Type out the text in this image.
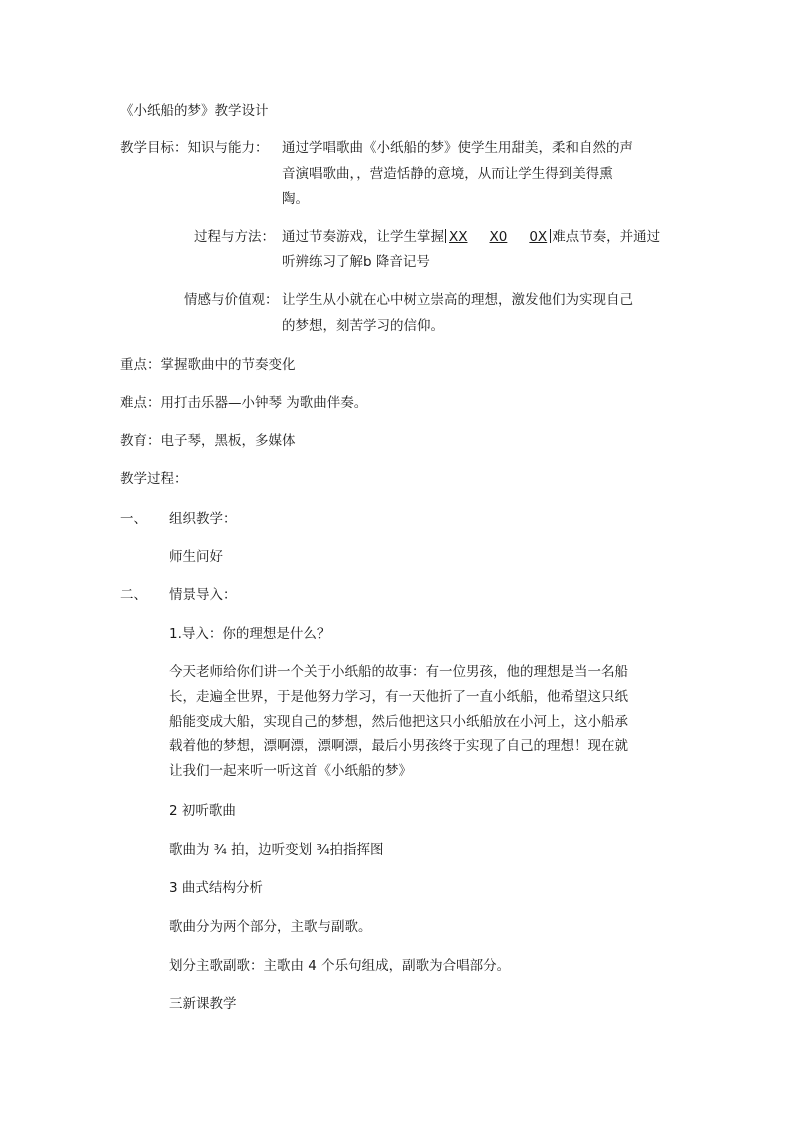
《小纸船的梦》教学设计
教学目标：知识与能力： 通过学唱歌曲《小纸船的梦》使学生用甜美，柔和自然的声
音演唱歌曲，，营造恬静的意境，从而让学生得到美得熏
陶。
过程与方法： 通过节奏游戏，让学生掌握 XX X0 0X 难点节奏，并通过
听辨练习了解b 降音记号
情感与价值观： 让学生从小就在心中树立崇高的理想，激发他们为实现自己
的梦想，刻苦学习的信仰。
重点：掌握歌曲中的节奏变化
难点：用打击乐器—小钟琴 为歌曲伴奏。
教育：电子琴，黑板，多媒体
教学过程：
一、 组织教学：
师生问好
二、 情景导入：
1.导入：你的理想是什么？
今天老师给你们讲一个关于小纸船的故事：有一位男孩，他的理想是当一名船
长，走遍全世界，于是他努力学习，有一天他折了一直小纸船，他希望这只纸
船能变成大船，实现自己的梦想，然后他把这只小纸船放在小河上，这小船承
载着他的梦想，漂啊漂，漂啊漂，最后小男孩终于实现了自己的理想！现在就
让我们一起来听一听这首《小纸船的梦》
2 初听歌曲
歌曲为 ¾ 拍，边听变划 ¾拍指挥图
3 曲式结构分析
歌曲分为两个部分，主歌与副歌。
划分主歌副歌：主歌由 4 个乐句组成，副歌为合唱部分。
三新课教学
